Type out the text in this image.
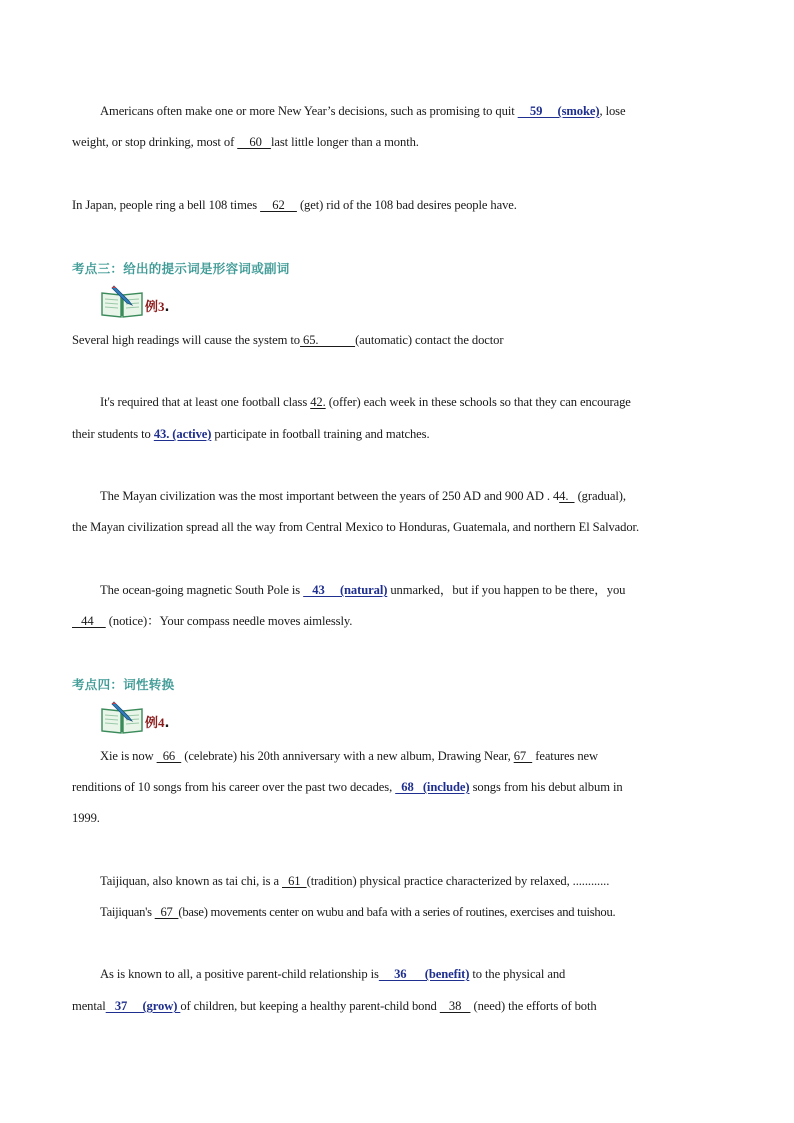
Americans often make one or more New Year’s decisions, such as promising to quit     59     (smoke), lose
weight, or stop drinking, most of     60   last little longer than a month.
In Japan, people ring a bell 108 times     62     (get) rid of the 108 bad desires people have.
考点三：给出的提示词是形容词或副词
例3.
Several high readings will cause the system to 65.            (automatic) contact the doctor
It's required that at least one football class 42. (offer) each week in these schools so that they can encourage
their students to 43. (active) participate in football training and matches.
The Mayan civilization was the most important between the years of 250 AD and 900 AD . 44.   (gradual),
the Mayan civilization spread all the way from Central Mexico to Honduras, Guatemala, and northern El Salvador.
The ocean-going magnetic South Pole is    43     (natural) unmarked，but if you happen to be there，you
44     (notice)：Your compass needle moves aimlessly.
考点四：词性转换
例4.
Xie is now   66   (celebrate) his 20th anniversary with a new album, Drawing Near, 67   features new
renditions of 10 songs from his career over the past two decades,   68   (include) songs from his debut album in
1999.
Taijiquan, also known as tai chi, is a   61  (tradition) physical practice characterized by relaxed, ............
Taijiquan's   67  (base) movements center on wubu and bafa with a series of routines, exercises and tuishou.
As is known to all, a positive parent-child relationship is     36      (benefit) to the physical and
mental   37     (grow) of children, but keeping a healthy parent-child bond    38    (need) the efforts of both
